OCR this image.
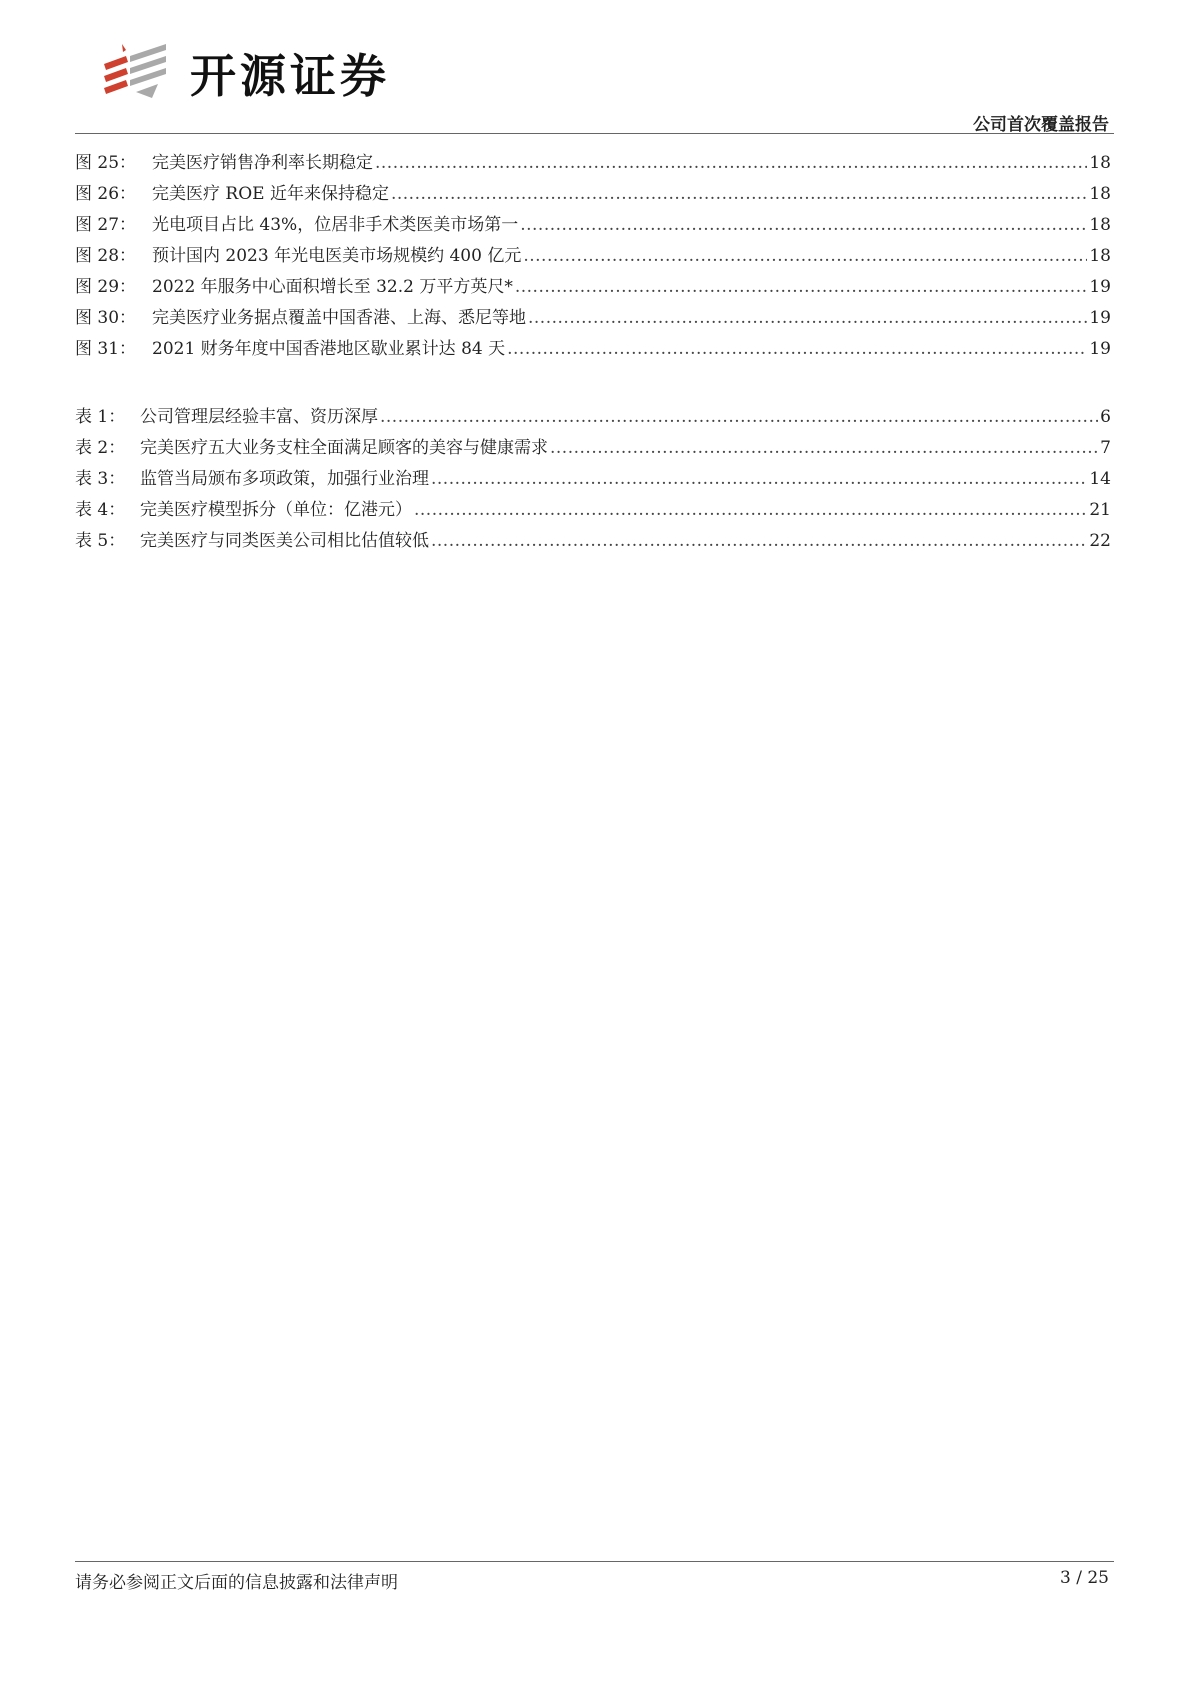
开源证券
公司首次覆盖报告
图 25： 完美医疗销售净利率长期稳定 .....	18
图 26： 完美医疗 ROE 近年来保持稳定 .....	18
图 27： 光电项目占比 43%，位居非手术类医美市场第一 .....	18
图 28： 预计国内 2023 年光电医美市场规模约 400 亿元 .....	18
图 29： 2022 年服务中心面积增长至 32.2 万平方英尺* .....	19
图 30： 完美医疗业务据点覆盖中国香港、上海、悉尼等地 .....	19
图 31： 2021 财务年度中国香港地区歇业累计达 84 天 .....	19
表 1： 公司管理层经验丰富、资历深厚 .....	6
表 2： 完美医疗五大业务支柱全面满足顾客的美容与健康需求 .....	7
表 3： 监管当局颁布多项政策，加强行业治理 .....	14
表 4： 完美医疗模型拆分（单位：亿港元） .....	21
表 5： 完美医疗与同类医美公司相比估值较低 .....	22
请务必参阅正文后面的信息披露和法律声明	3 / 25
